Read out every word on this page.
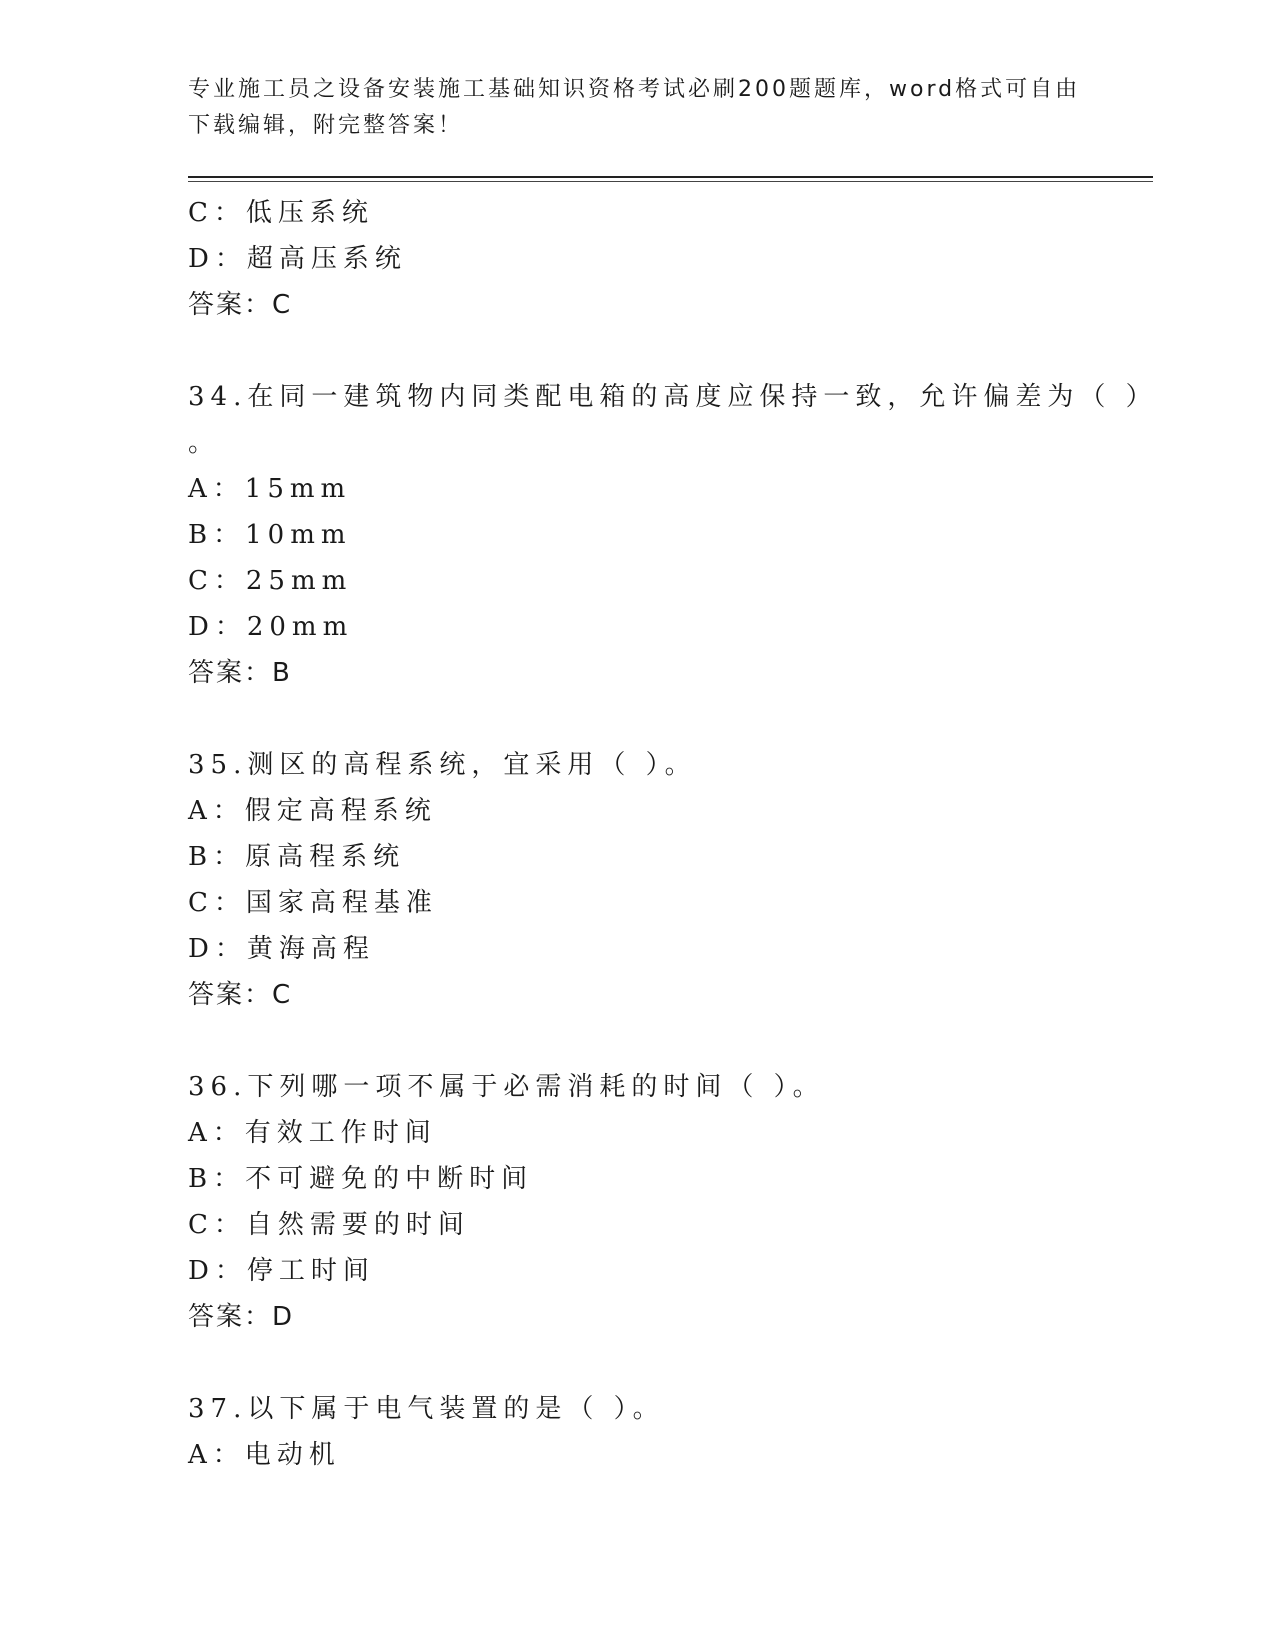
专业施工员之设备安装施工基础知识资格考试必刷200题题库，word格式可自由
下载编辑，附完整答案！
C：低压系统
D：超高压系统
答案：C
34.在同一建筑物内同类配电箱的高度应保持一致，允许偏差为（ ）
。
A：15mm
B：10mm
C：25mm
D：20mm
答案：B
35.测区的高程系统，宜采用（ ）。
A：假定高程系统
B：原高程系统
C：国家高程基准
D：黄海高程
答案：C
36.下列哪一项不属于必需消耗的时间（ ）。
A：有效工作时间
B：不可避免的中断时间
C：自然需要的时间
D：停工时间
答案：D
37.以下属于电气装置的是（ ）。
A：电动机
